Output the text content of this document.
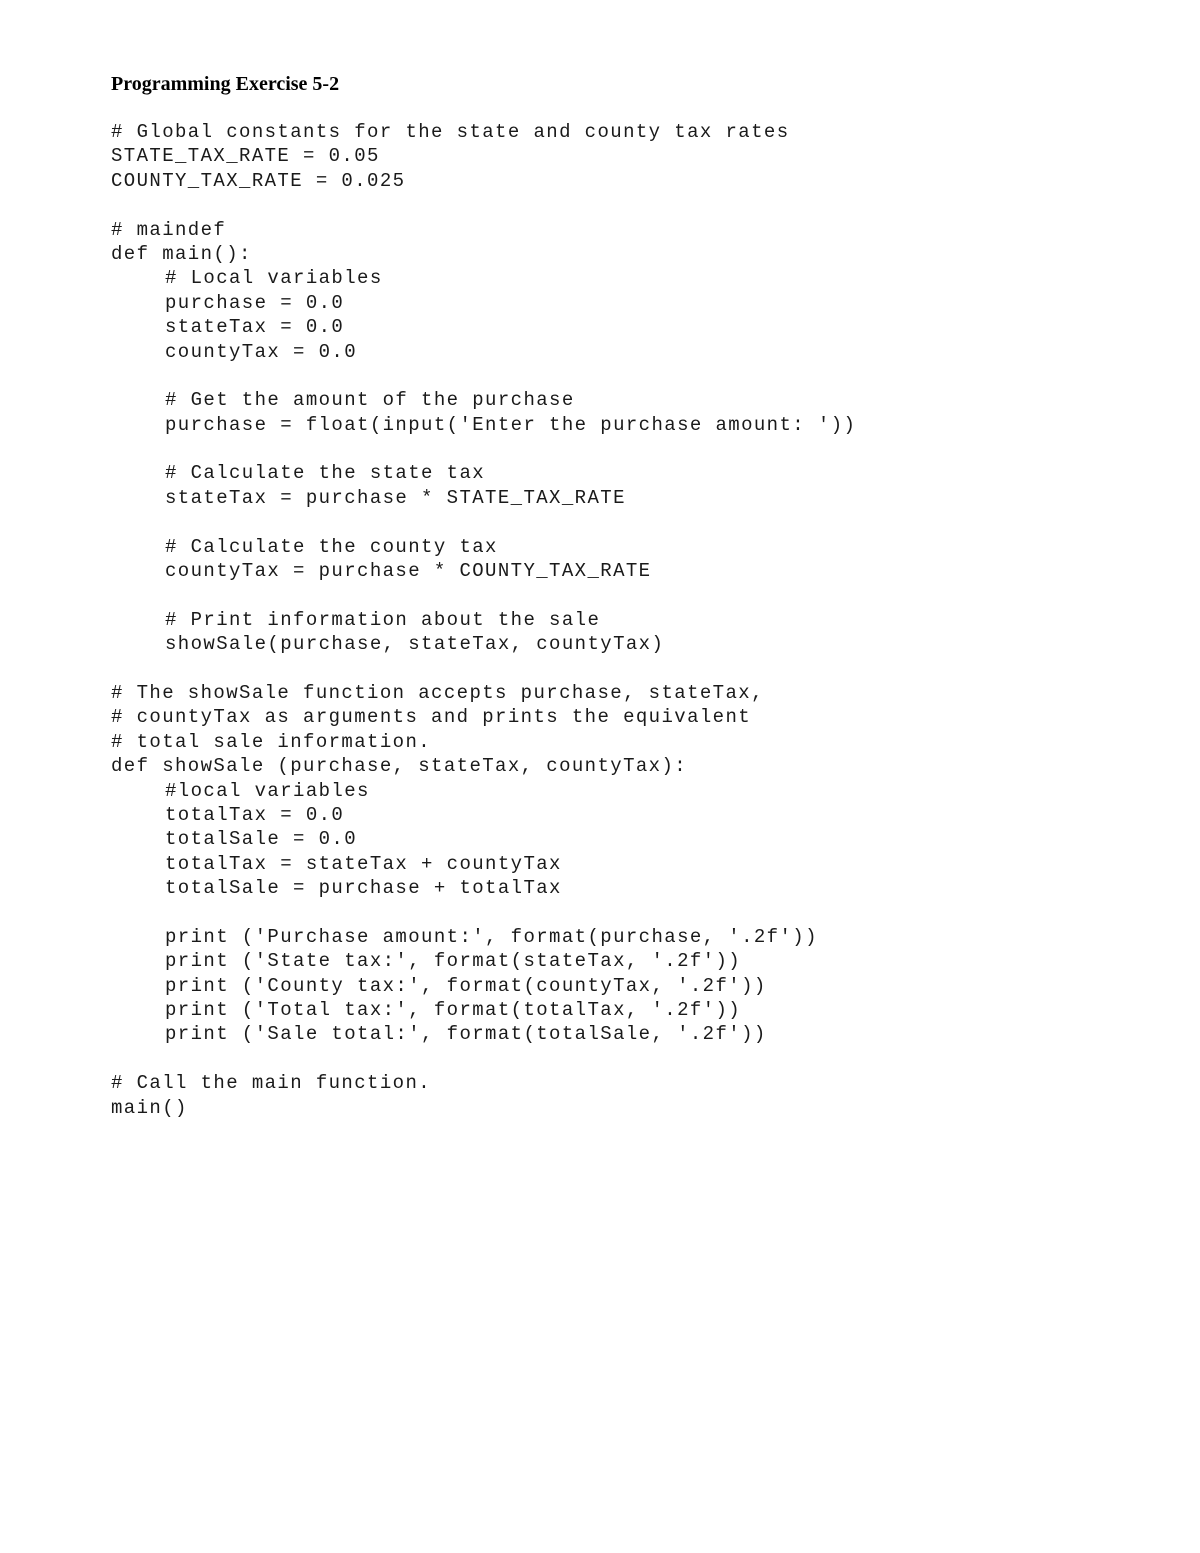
Programming Exercise 5-2
# Global constants for the state and county tax rates
STATE_TAX_RATE = 0.05
COUNTY_TAX_RATE = 0.025
# maindef
def main():
# Local variables
purchase = 0.0
stateTax = 0.0
countyTax = 0.0
# Get the amount of the purchase
purchase = float(input('Enter the purchase amount: '))
# Calculate the state tax
stateTax = purchase * STATE_TAX_RATE
# Calculate the county tax
countyTax = purchase * COUNTY_TAX_RATE
# Print information about the sale
showSale(purchase, stateTax, countyTax)
# The showSale function accepts purchase, stateTax,
# countyTax as arguments and prints the equivalent
# total sale information.
def showSale (purchase, stateTax, countyTax):
#local variables
totalTax = 0.0
totalSale = 0.0
totalTax = stateTax + countyTax
totalSale = purchase + totalTax
print ('Purchase amount:', format(purchase, '.2f'))
print ('State tax:', format(stateTax, '.2f'))
print ('County tax:', format(countyTax, '.2f'))
print ('Total tax:', format(totalTax, '.2f'))
print ('Sale total:', format(totalSale, '.2f'))
# Call the main function.
main()
